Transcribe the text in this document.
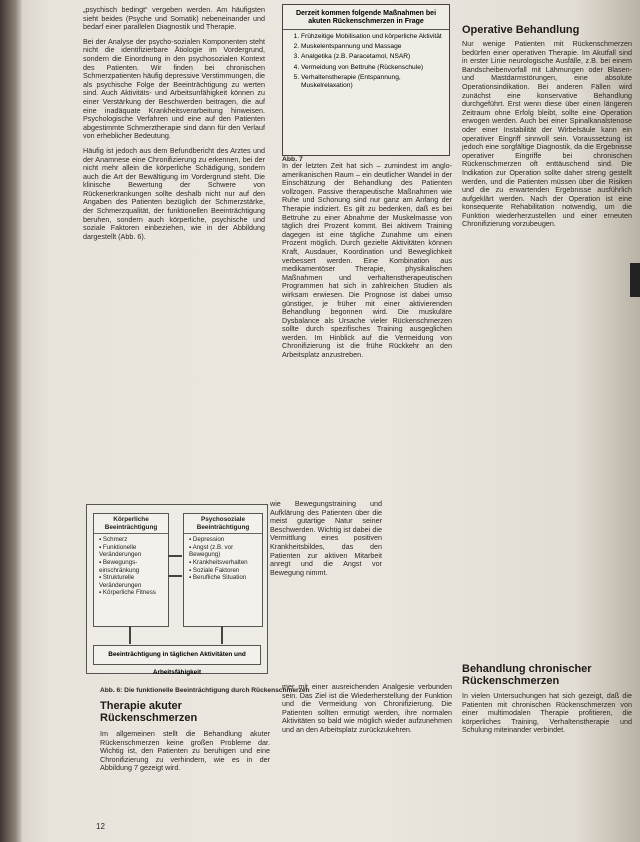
„psychisch bedingt“ vergeben werden. Am häufigsten sieht beides (Psyche und Somatik) nebeneinander und bedarf einer parallelen Diagnostik und Therapie.

Bei der Analyse der psycho-sozialen Komponenten steht nicht die identifizierbare Ätiologie im Vordergrund, sondern die Einordnung in den psychosozialen Kontext des Patienten. Wir finden bei chronischen Schmerzpatienten häufig depressive Verstimmungen, die als psychische Folge der Beeinträchtigung zu werten sind. Auch Aktivitäts- und Arbeitsunfähigkeit können zu einer Verstärkung der Beschwerden beitragen, die auf eine inadäquate Krankheitsverarbeitung hinweisen. Psychologische Verfahren und eine auf den Patienten abgestimmte Schmerztherapie sind dann für den Verlauf von erheblicher Bedeutung.

Häufig ist jedoch aus dem Befundbericht des Arztes und der Anamnese eine Chronifizierung zu erkennen, bei der nicht mehr allein die körperliche Schädigung, sondern auch die Art der Bewältigung im Vordergrund steht. Die klinische Bewertung der Schwere von Rückenerkrankungen sollte deshalb nicht nur auf den Angaben des Patienten bezüglich der Schmerzstärke, der Schmerzqualität, der funktionellen Beeinträchtigung beruhen, sondern auch körperliche, psychische und soziale Faktoren einbeziehen, wie in der Abbildung dargestellt (Abb. 6).

Derzeit kommen folgende Maßnahmen bei akuten Rückenschmerzen in Frage
1. Frühzeitige Mobilisation und körperliche Aktivität
2. Muskelentspannung und Massage
3. Analgetika (z.B. Paracetamol, NSAR)
4. Vermeidung von Bettruhe (Rückenschule)
5. Verhaltenstherapie (Entspannung, Muskelrelaxation)
Abb. 7

In der letzten Zeit hat sich – zumindest im anglo-amerikanischen Raum – ein deutlicher Wandel in der Einschätzung der Behandlung des Patienten vollzogen. Passive therapeutische Maßnahmen wie Ruhe und Schonung sind nur ganz am Anfang der Therapie indiziert. Es gilt zu bedenken, daß es bei Bettruhe zu einer Abnahme der Muskelmasse von täglich drei Prozent kommt. Bei aktivem Training dagegen ist eine tägliche Zunahme um einen Prozent möglich. Durch gezielte Aktivitäten können Kraft, Ausdauer, Koordination und Beweglichkeit verbessert werden. Eine Kombination aus medikamentöser Therapie, physikalischen Maßnahmen und verhaltenstherapeutischen Programmen hat sich in zahlreichen Studien als wirksam erwiesen. Die Prognose ist dabei umso günstiger, je früher mit einer aktivierenden Behandlung begonnen wird. Die muskuläre Dysbalance als Ursache vieler Rückenschmerzen sollte durch spezifisches Training ausgeglichen werden. Im Hinblick auf die Vermeidung von Chronifizierung ist die frühe Rückkehr an den Arbeitsplatz anzustreben.

wie Bewegungstraining und Aufklärung des Patienten über die meist gutartige Natur seiner Beschwerden. Wichtig ist dabei die Vermittlung eines positiven Krankheitsbildes, das den Patienten zur aktiven Mitarbeit anregt und die Angst vor Bewegung nimmt.

Operative Behandlung

Nur wenige Patienten mit Rückenschmerzen bedürfen einer operativen Therapie. Im Akutfall sind in erster Linie neurologische Ausfälle, z.B. bei einem Bandscheibenvorfall mit Lähmungen oder Blasen- und Mastdarmstörungen, eine absolute Operationsindikation. Bei anderen Fällen wird zunächst eine konservative Behandlung durchgeführt. Erst wenn diese über einen längeren Zeitraum ohne Erfolg bleibt, sollte eine Operation erwogen werden. Auch bei einer Spinalkanalstenose oder einer Instabilität der Wirbelsäule kann ein operativer Eingriff sinnvoll sein. Voraussetzung ist jedoch eine sorgfältige Diagnostik, da die Ergebnisse operativer Eingriffe bei chronischen Rückenschmerzen oft enttäuschend sind. Die Indikation zur Operation sollte daher streng gestellt werden, und die Patienten müssen über die Risiken und die zu erwartenden Ergebnisse ausführlich aufgeklärt werden. Nach der Operation ist eine konsequente Rehabilitation notwendig, um die Funktion wiederherzustellen und einer erneuten Chronifizierung vorzubeugen.

Körperliche Beeinträchtigung
▪ Schmerz
▪ Funktionelle Veränderungen
▪ Bewegungseinschränkung
▪ Strukturelle Veränderungen
▪ Körperliche Fitness
Psychosoziale Beeinträchtigung
▪ Depression
▪ Angst (z.B. vor Bewegung)
▪ Krankheitsverhalten
▪ Soziale Faktoren
▪ Berufliche Situation
Beeinträchtigung in täglichen Aktivitäten und Arbeitsfähigkeit
Abb. 6: Die funktionelle Beeinträchtigung durch Rückenschmerzen
Therapie akuter Rückenschmerzen
Im allgemeinen stellt die Behandlung akuter Rückenschmerzen keine großen Probleme dar. Wichtig ist, den Patienten zu beruhigen und eine Chronifizierung zu verhindern, wie es in der Abbildung 7 gezeigt wird.

mer mit einer ausreichenden Analgesie verbunden sein. Das Ziel ist die Wiederherstellung der Funktion und die Vermeidung von Chronifizierung. Die Patienten sollten ermutigt werden, ihre normalen Aktivitäten so bald wie möglich wieder aufzunehmen und an den Arbeitsplatz zurückzukehren.

Behandlung chronischer Rückenschmerzen
In vielen Untersuchungen hat sich gezeigt, daß die Patienten mit chronischen Rückenschmerzen von einer multimodalen Therapie profitieren, die körperliches Training, Verhaltenstherapie und Schulung miteinander verbindet.
12
